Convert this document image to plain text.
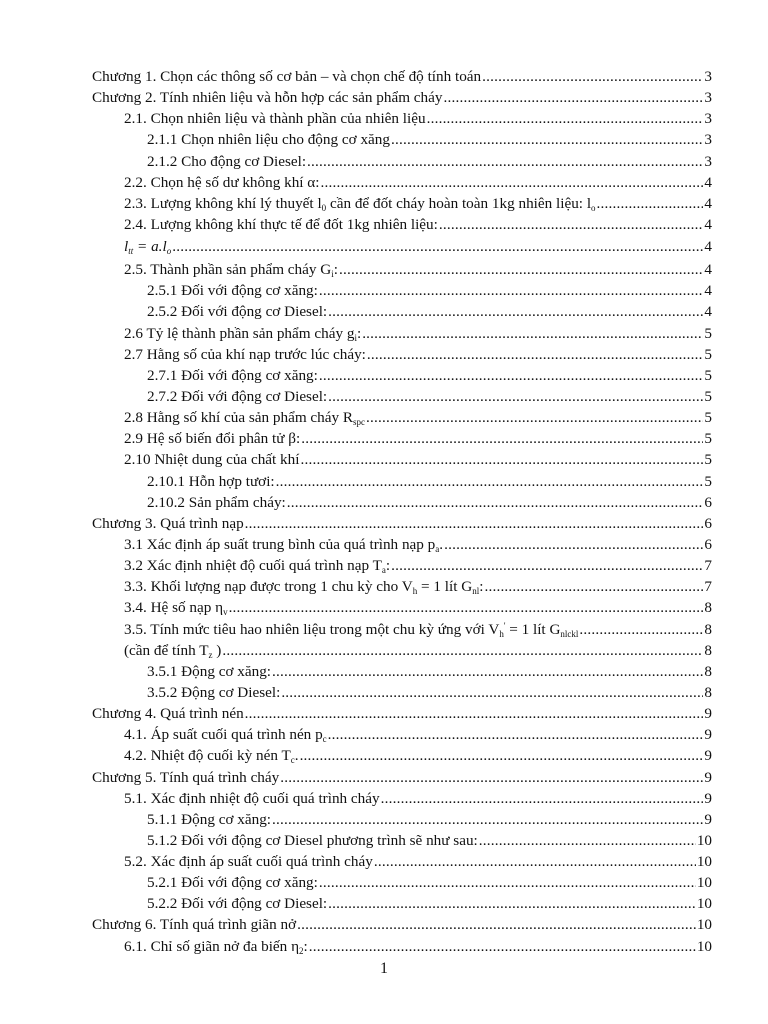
Chương 1. Chọn các thông số cơ bản – và chọn chế độ tính toán .....	3
Chương 2. Tính nhiên liệu và hỗn hợp các sản phẩm cháy .....	3
2.1. Chọn nhiên liệu và thành phần của nhiên liệu .....	3
2.1.1 Chọn nhiên liệu cho động cơ xăng .....	3
2.1.2 Cho động cơ Diesel: .....	3
2.2. Chọn hệ số dư không khí α: .....	4
2.3. Lượng không khí lý thuyết $l_0$ cần để đốt cháy hoàn toàn 1kg nhiên liệu: $l_o$ .....	4
2.4. Lượng không khí thực tế để đốt 1kg nhiên liệu: .....	4
$l_{tt} = a.l_o$ .....	4
2.5. Thành phần sản phẩm cháy $G_i$: .....	4
2.5.1 Đối với động cơ xăng: .....	4
2.5.2 Đối với động cơ Diesel: .....	4
2.6 Tỷ lệ thành phần sản phẩm cháy $g_i$: .....	5
2.7 Hằng số của khí nạp trước lúc cháy: .....	5
2.7.1 Đối với động cơ xăng: .....	5
2.7.2 Đối với động cơ Diesel: .....	5
2.8 Hằng số khí của sản phẩm cháy $R_{spc}$ .....	5
2.9 Hệ số biến đổi phân tử β: .....	5
2.10 Nhiệt dung của chất khí .....	5
2.10.1 Hỗn hợp tươi: .....	5
2.10.2 Sản phẩm cháy: .....	6
Chương 3. Quá trình nạp .....	6
3.1 Xác định áp suất trung bình của quá trình nạp $p_a$. .....	6
3.2 Xác định nhiệt độ cuối quá trình nạp $T_a$: .....	7
3.3. Khối lượng nạp được trong 1 chu kỳ cho $V_h = 1$ lít $G_{nl}$: .....	7
3.4. Hệ số nạp $\eta_v$ .....	8
3.5. Tính mức tiêu hao nhiên liệu trong một chu kỳ ứng với $V_h' = 1$ lít $G_{nlckl}$ .....	8
(cần để tính $T_z$ ) .....	8
3.5.1 Động cơ xăng: .....	8
3.5.2 Động cơ Diesel: .....	8
Chương 4. Quá trình nén .....	9
4.1. Áp suất cuối quá trình nén $p_c$ .....	9
4.2. Nhiệt độ cuối kỳ nén $T_c$. .....	9
Chương 5. Tính quá trình cháy .....	9
5.1. Xác định nhiệt độ cuối quá trình cháy .....	9
5.1.1 Động cơ xăng: .....	9
5.1.2 Đối với động cơ Diesel phương trình sẽ như sau: .....	10
5.2. Xác định áp suất cuối quá trình cháy .....	10
5.2.1 Đối với động cơ xăng: .....	10
5.2.2 Đối với động cơ Diesel: .....	10
Chương 6. Tính quá trình giãn nở .....	10
6.1. Chỉ số giãn nở đa biến $\eta_2$: .....	10
1
